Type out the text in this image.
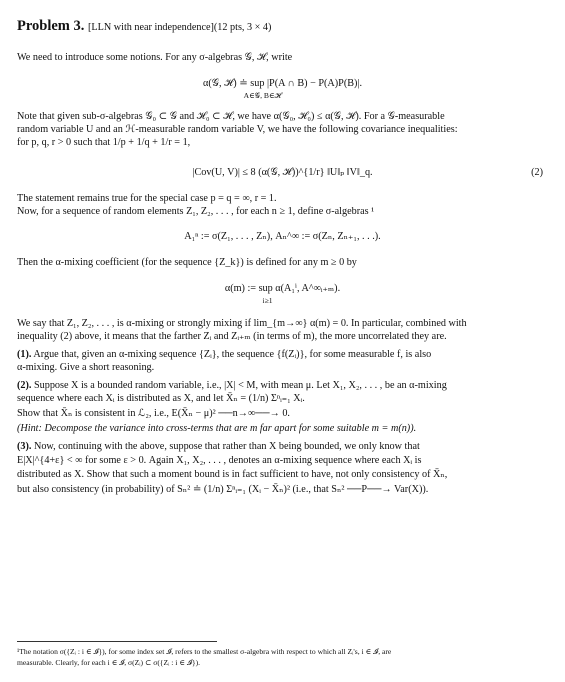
Problem 3. [LLN with near independence](12 pts, 3 × 4)
We need to introduce some notions. For any σ-algebras 𝒢, ℋ, write
α(𝒢, ℋ) ≐ sup |P(A ∩ B) − P(A)P(B)|.
A∈𝒢, B∈ℋ
Note that given sub-σ-algebras 𝒢₀ ⊂ 𝒢 and ℋ₀ ⊂ ℋ, we have α(𝒢₀, ℋ₀) ≤ α(𝒢, ℋ). For a 𝒢-measurable
random variable U and an ℋ-measurable random variable V, we have the following covariance inequalities:
for p, q, r > 0 such that 1/p + 1/q + 1/r = 1,
|Cov(U, V)| ≤ 8 (α(𝒢, ℋ))^{1/r} ‖U‖ₚ ‖V‖_q.	(2)
The statement remains true for the special case p = q = ∞, r = 1.
Now, for a sequence of random elements Z₁, Z₂, . . . , for each n ≥ 1, define σ-algebras ¹
A₁ⁿ := σ(Z₁, . . . , Zₙ), Aₙ^∞ := σ(Zₙ, Zₙ₊₁, . . .).
Then the α-mixing coefficient (for the sequence {Z_k}) is defined for any m ≥ 0 by
α(m) := sup α(A₁ⁱ, A^∞ᵢ₊ₘ).
i≥1
We say that Z₁, Z₂, . . . , is α-mixing or strongly mixing if lim_{m→∞} α(m) = 0. In particular, combined with
inequality (2) above, it means that the farther Zᵢ and Zᵢ₊ₘ (in terms of m), the more uncorrelated they are.
(1). Argue that, given an α-mixing sequence {Zᵢ}, the sequence {f(Zᵢ)}, for some measurable f, is also
α-mixing. Give a short reasoning.
(2). Suppose X is a bounded random variable, i.e., |X| < M, with mean μ. Let X₁, X₂, . . . , be an α-mixing
sequence where each Xᵢ is distributed as X, and let X̄ₙ = (1/n) Σⁿᵢ₌₁ Xᵢ.
Show that X̄ₙ is consistent in ℒ₂, i.e., E(X̄ₙ − μ)² ──n→∞──→ 0.
(Hint: Decompose the variance into cross-terms that are m far apart for some suitable m = m(n)).
(3). Now, continuing with the above, suppose that rather than X being bounded, we only know that
E|X|^{4+ε} < ∞ for some ε > 0. Again X₁, X₂, . . . , denotes an α-mixing sequence where each Xᵢ is
distributed as X. Show that such a moment bound is in fact sufficient to have, not only consistency of X̄ₙ,
but also consistency (in probability) of Sₙ² ≐ (1/n) Σⁿᵢ₌₁ (Xᵢ − X̄ₙ)² (i.e., that Sₙ² ──P──→ Var(X)).
¹The notation σ({Zᵢ : i ∈ 𝓘}), for some index set 𝓘, refers to the smallest σ-algebra with respect to which all Zᵢ's, i ∈ 𝓘, are
measurable. Clearly, for each i ∈ 𝓘, σ(Zᵢ) ⊂ σ({Zᵢ : i ∈ 𝓘}).
